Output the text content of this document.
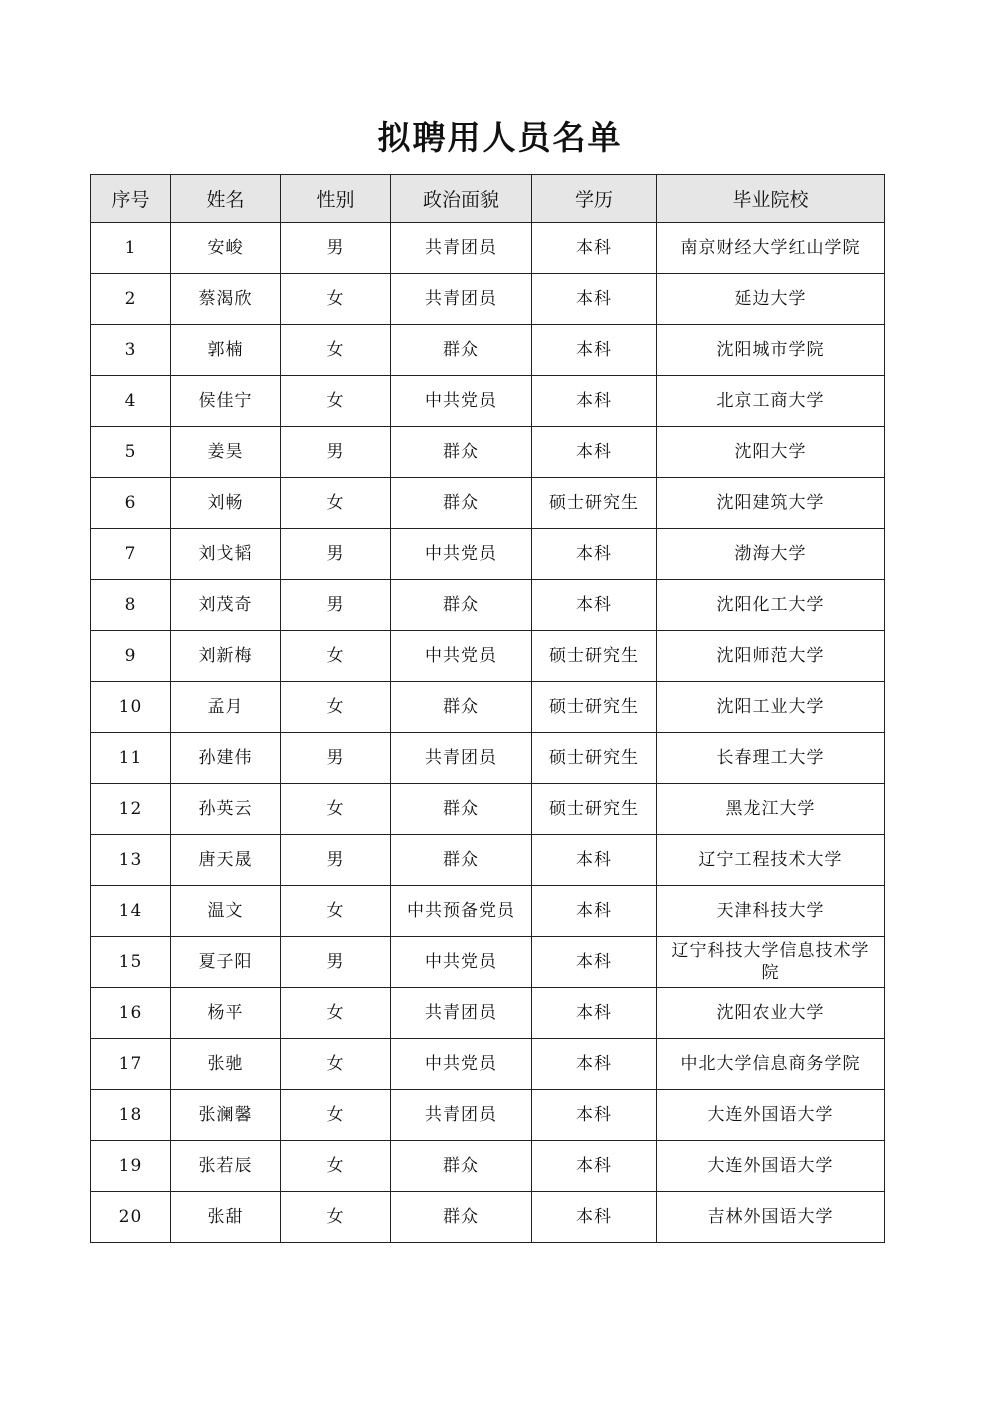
拟聘用人员名单
序号	姓名	性别	政治面貌	学历	毕业院校
1	安峻	男	共青团员	本科	南京财经大学红山学院
2	蔡渴欣	女	共青团员	本科	延边大学
3	郭楠	女	群众	本科	沈阳城市学院
4	侯佳宁	女	中共党员	本科	北京工商大学
5	姜昊	男	群众	本科	沈阳大学
6	刘畅	女	群众	硕士研究生	沈阳建筑大学
7	刘戈韬	男	中共党员	本科	渤海大学
8	刘茂奇	男	群众	本科	沈阳化工大学
9	刘新梅	女	中共党员	硕士研究生	沈阳师范大学
10	孟月	女	群众	硕士研究生	沈阳工业大学
11	孙建伟	男	共青团员	硕士研究生	长春理工大学
12	孙英云	女	群众	硕士研究生	黑龙江大学
13	唐天晟	男	群众	本科	辽宁工程技术大学
14	温文	女	中共预备党员	本科	天津科技大学
15	夏子阳	男	中共党员	本科	辽宁科技大学信息技术学院
16	杨平	女	共青团员	本科	沈阳农业大学
17	张驰	女	中共党员	本科	中北大学信息商务学院
18	张澜馨	女	共青团员	本科	大连外国语大学
19	张若辰	女	群众	本科	大连外国语大学
20	张甜	女	群众	本科	吉林外国语大学
